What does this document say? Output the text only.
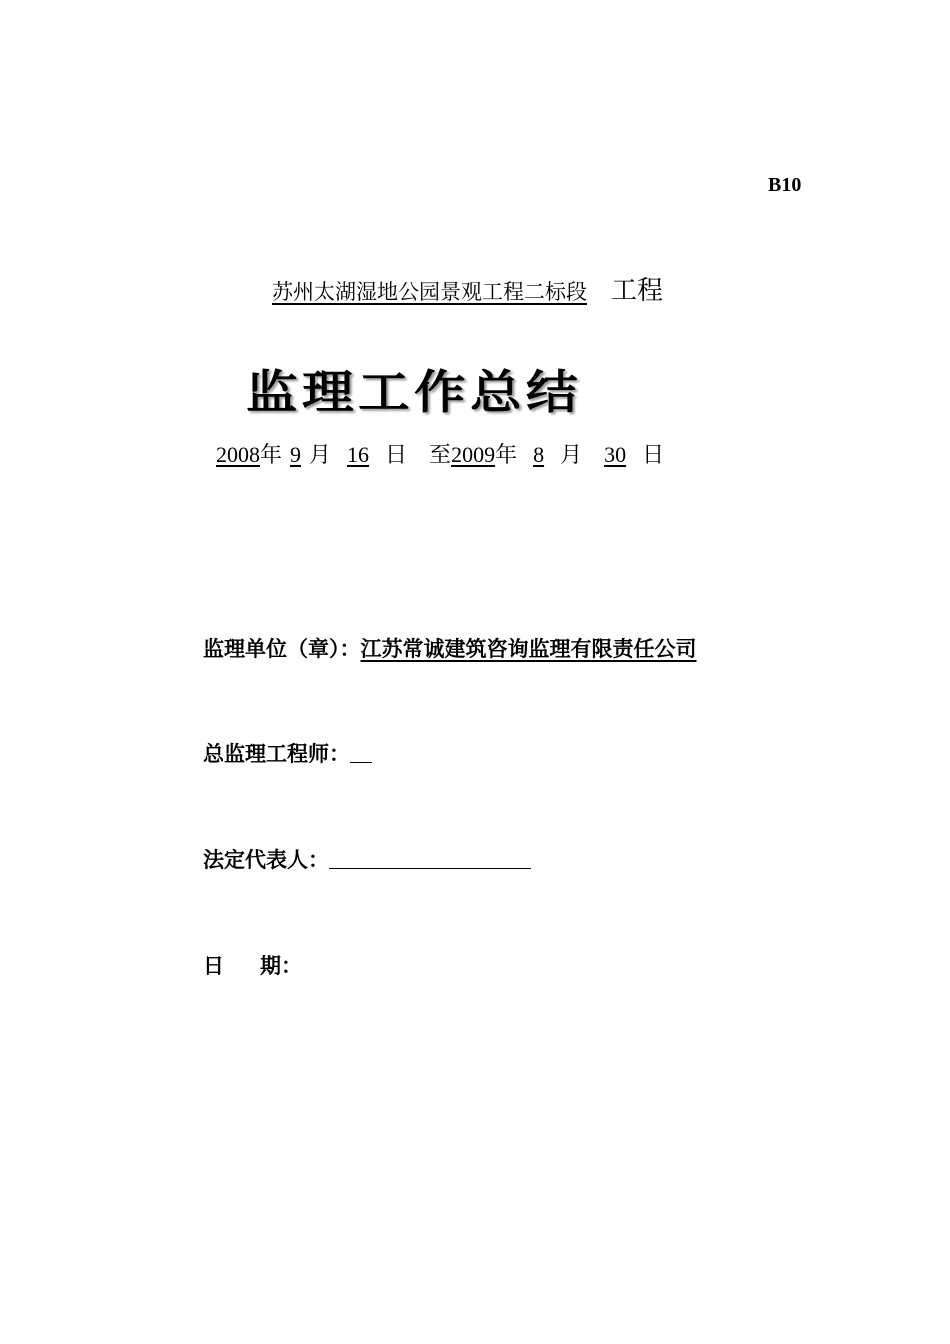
B10
苏州太湖湿地公园景观工程二标段 工程
监理工作总结
2008年 9 月 16 日 至2009年 8 月 30 日
监理单位（章）：江苏常诚建筑咨询监理有限责任公司
总监理工程师：
法定代表人：
日 期：
